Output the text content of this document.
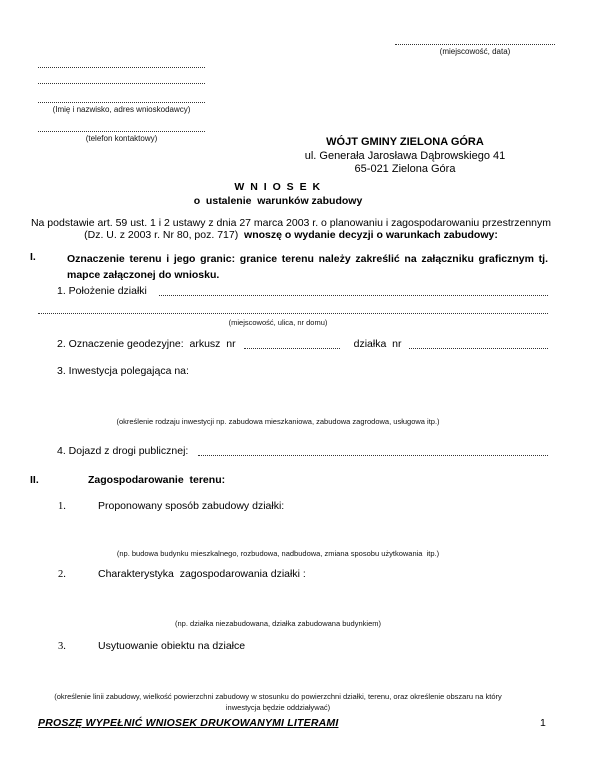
(miejscowość, data)
(Imię i nazwisko, adres wnioskodawcy)
(telefon kontaktowy)	WÓJT GMINY ZIELONA GÓRA
ul. Generała Jarosława Dąbrowskiego 41
65-021 Zielona Góra
W N I O S E K
o  ustalenie  warunków zabudowy
Na podstawie art. 59 ust. 1 i 2 ustawy z dnia 27 marca 2003 r. o planowaniu i zagospodarowaniu przestrzennym
(Dz. U. z 2003 r. Nr 80, poz. 717)  wnoszę o wydanie decyzji o warunkach zabudowy:
I.	Oznaczenie terenu i jego granic: granice terenu należy zakreślić na załączniku graficznym tj.
mapce załączonej do wniosku.
1. Położenie działki
(miejscowość, ulica, nr domu)
2. Oznaczenie geodezyjne:  arkusz  nr	działka  nr
3. Inwestycja polegająca na:
(określenie rodzaju inwestycji np. zabudowa mieszkaniowa, zabudowa zagrodowa, usługowa itp.)
4. Dojazd z drogi publicznej:
II.	Zagospodarowanie  terenu:
1.	Proponowany sposób zabudowy działki:
(np. budowa budynku mieszkalnego, rozbudowa, nadbudowa, zmiana sposobu użytkowania  itp.)
2.	Charakterystyka  zagospodarowania działki :
(np. działka niezabudowana, działka zabudowana budynkiem)
3.	Usytuowanie obiektu na działce
(określenie linii zabudowy, wielkość powierzchni zabudowy w stosunku do powierzchni działki, terenu, oraz określenie obszaru na który
inwestycja będzie oddziaływać)
PROSZĘ WYPEŁNIĆ WNIOSEK DRUKOWANYMI LITERAMI	1
